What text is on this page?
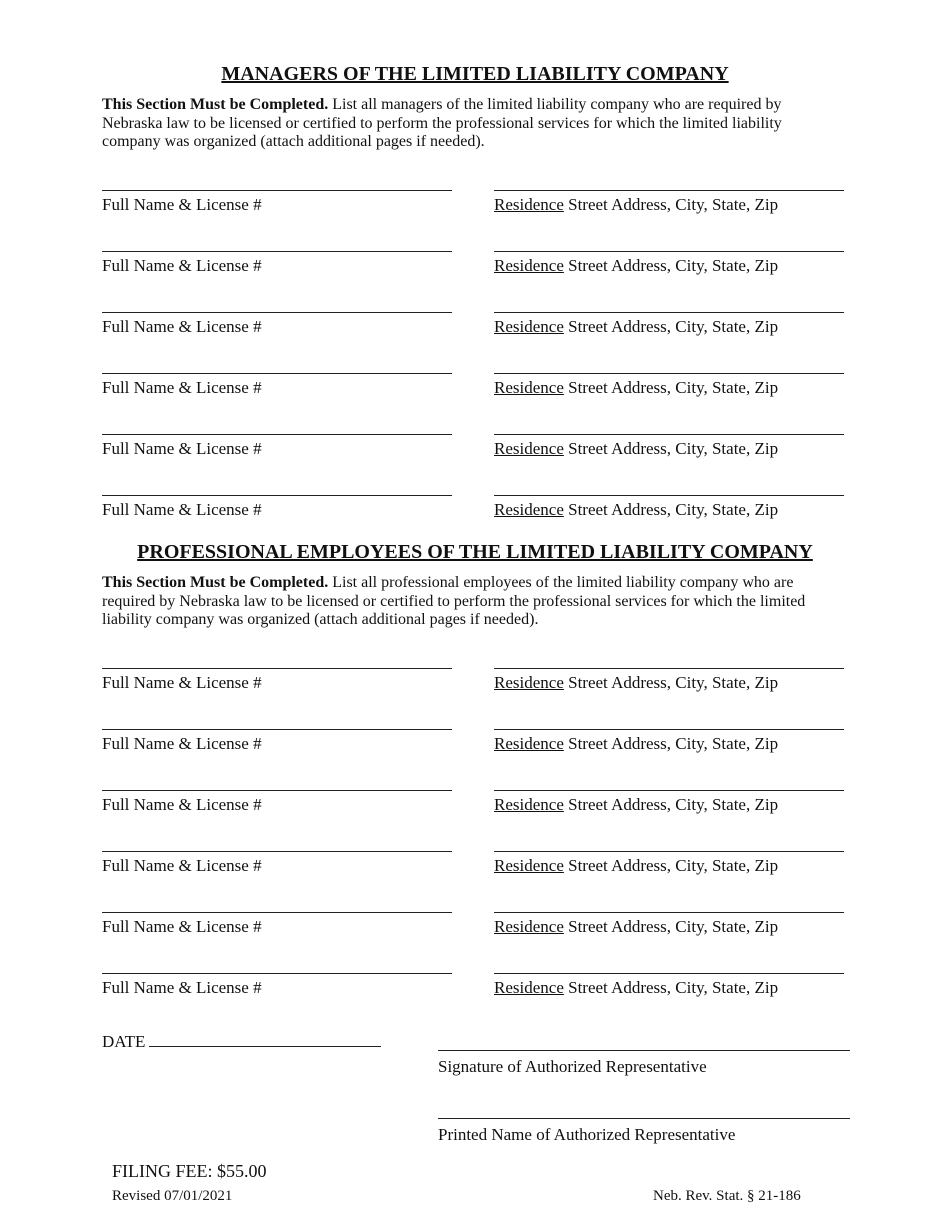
MANAGERS OF THE LIMITED LIABILITY COMPANY

This Section Must be Completed. List all managers of the limited liability company who are required by Nebraska law to be licensed or certified to perform the professional services for which the limited liability company was organized (attach additional pages if needed).

Full Name & License #	Residence Street Address, City, State, Zip
Full Name & License #	Residence Street Address, City, State, Zip
Full Name & License #	Residence Street Address, City, State, Zip
Full Name & License #	Residence Street Address, City, State, Zip
Full Name & License #	Residence Street Address, City, State, Zip
Full Name & License #	Residence Street Address, City, State, Zip
PROFESSIONAL EMPLOYEES OF THE LIMITED LIABILITY COMPANY

This Section Must be Completed. List all professional employees of the limited liability company who are required by Nebraska law to be licensed or certified to perform the professional services for which the limited liability company was organized (attach additional pages if needed).

Full Name & License #	Residence Street Address, City, State, Zip
Full Name & License #	Residence Street Address, City, State, Zip
Full Name & License #	Residence Street Address, City, State, Zip
Full Name & License #	Residence Street Address, City, State, Zip
Full Name & License #	Residence Street Address, City, State, Zip
Full Name & License #	Residence Street Address, City, State, Zip
DATE
Signature of Authorized Representative
Printed Name of Authorized Representative
FILING FEE: $55.00
Revised 07/01/2021	Neb. Rev. Stat. § 21-186
